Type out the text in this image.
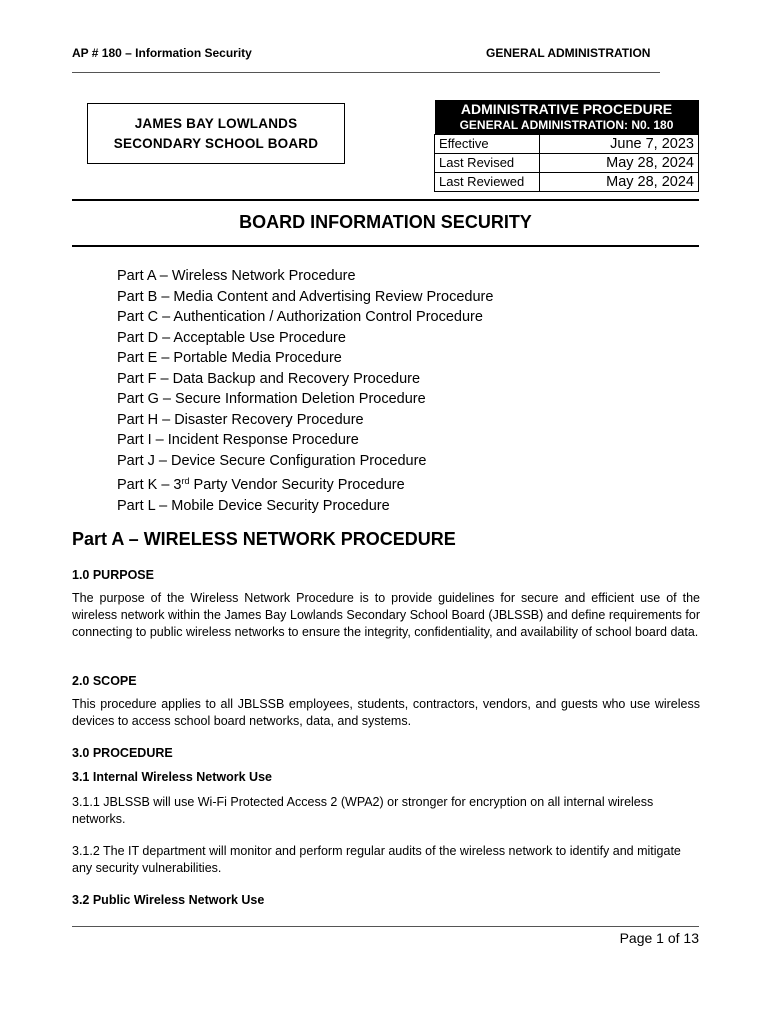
AP # 180 – Information Security	GENERAL ADMINISTRATION
JAMES BAY LOWLANDS
SECONDARY SCHOOL BOARD
ADMINISTRATIVE PROCEDURE
GENERAL ADMINISTRATION: N0. 180	

Effective	June 7, 2023
Last Revised	May 28, 2024
Last Reviewed	May 28, 2024
BOARD INFORMATION SECURITY
Part A – Wireless Network Procedure
Part B – Media Content and Advertising Review Procedure
Part C – Authentication / Authorization Control Procedure
Part D – Acceptable Use Procedure
Part E – Portable Media Procedure
Part F – Data Backup and Recovery Procedure
Part G – Secure Information Deletion Procedure
Part H – Disaster Recovery Procedure
Part I – Incident Response Procedure
Part J – Device Secure Configuration Procedure
Part K – 3rd Party Vendor Security Procedure
Part L – Mobile Device Security Procedure
Part A – WIRELESS NETWORK PROCEDURE
1.0 PURPOSE

The purpose of the Wireless Network Procedure is to provide guidelines for secure and efficient use of the wireless network within the James Bay Lowlands Secondary School Board (JBLSSB) and define requirements for connecting to public wireless networks to ensure the integrity, confidentiality, and availability of school board data.

2.0 SCOPE

This procedure applies to all JBLSSB employees, students, contractors, vendors, and guests who use wireless devices to access school board networks, data, and systems.

3.0 PROCEDURE
3.1 Internal Wireless Network Use

3.1.1 JBLSSB will use Wi-Fi Protected Access 2 (WPA2) or stronger for encryption on all internal wireless networks.

3.1.2 The IT department will monitor and perform regular audits of the wireless network to identify and mitigate any security vulnerabilities.

3.2 Public Wireless Network Use
Page 1 of 13
